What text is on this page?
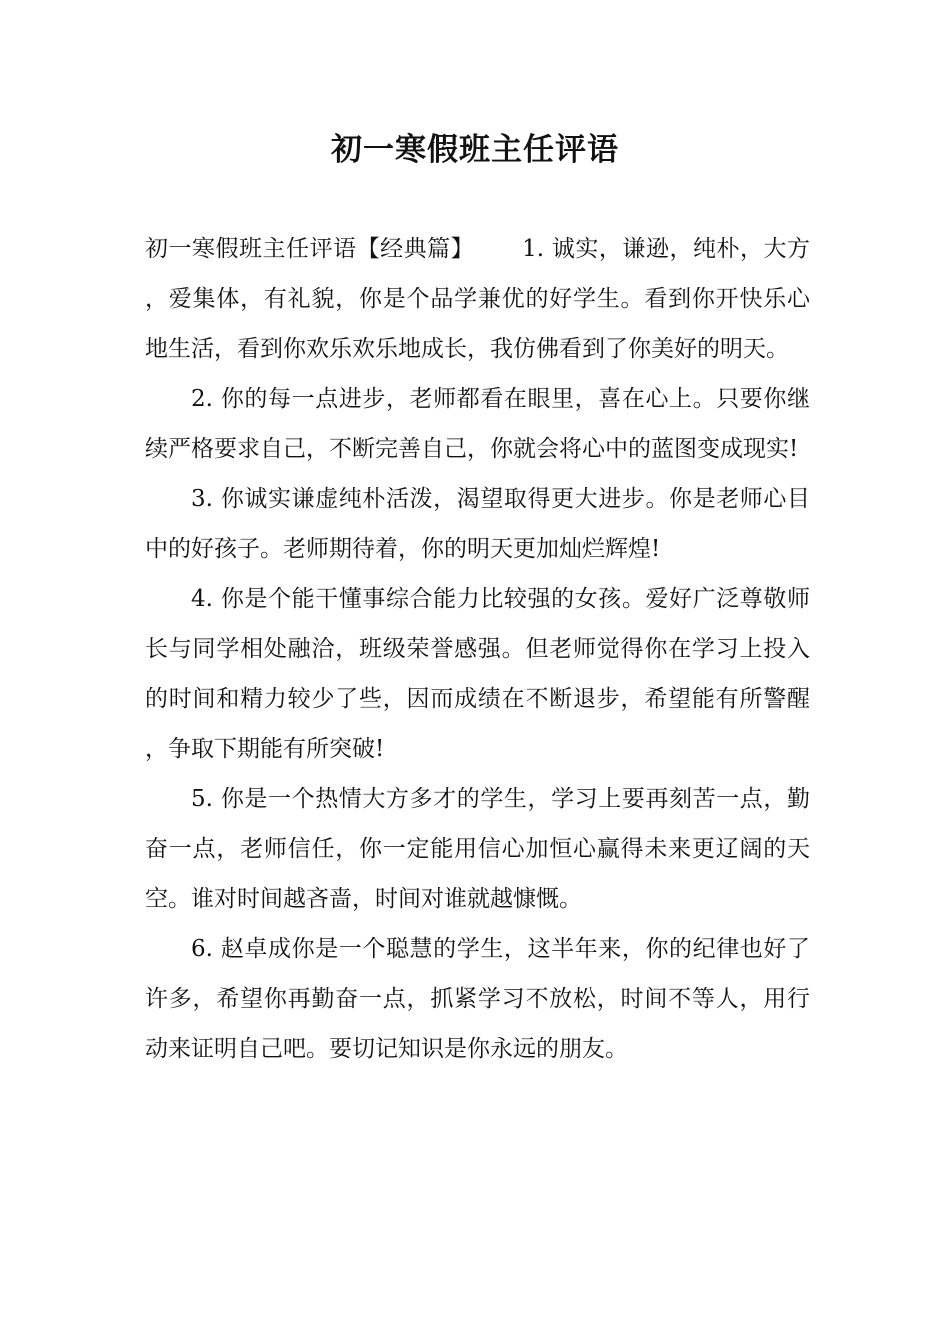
初一寒假班主任评语

初一寒假班主任评语【经典篇】 1. 诚实，谦逊，纯朴，大方，爱集体，有礼貌，你是个品学兼优的好学生。看到你开快乐心地生活，看到你欢乐欢乐地成长，我仿佛看到了你美好的明天。

2. 你的每一点进步，老师都看在眼里，喜在心上。只要你继续严格要求自己，不断完善自己，你就会将心中的蓝图变成现实!

3. 你诚实谦虚纯朴活泼，渴望取得更大进步。你是老师心目中的好孩子。老师期待着，你的明天更加灿烂辉煌!

4. 你是个能干懂事综合能力比较强的女孩。爱好广泛尊敬师长与同学相处融洽，班级荣誉感强。但老师觉得你在学习上投入的时间和精力较少了些，因而成绩在不断退步，希望能有所警醒，争取下期能有所突破!

5. 你是一个热情大方多才的学生，学习上要再刻苦一点，勤奋一点，老师信任，你一定能用信心加恒心赢得未来更辽阔的天空。谁对时间越吝啬，时间对谁就越慷慨。

6. 赵卓成你是一个聪慧的学生，这半年来，你的纪律也好了许多，希望你再勤奋一点，抓紧学习不放松，时间不等人，用行动来证明自己吧。要切记知识是你永远的朋友。
